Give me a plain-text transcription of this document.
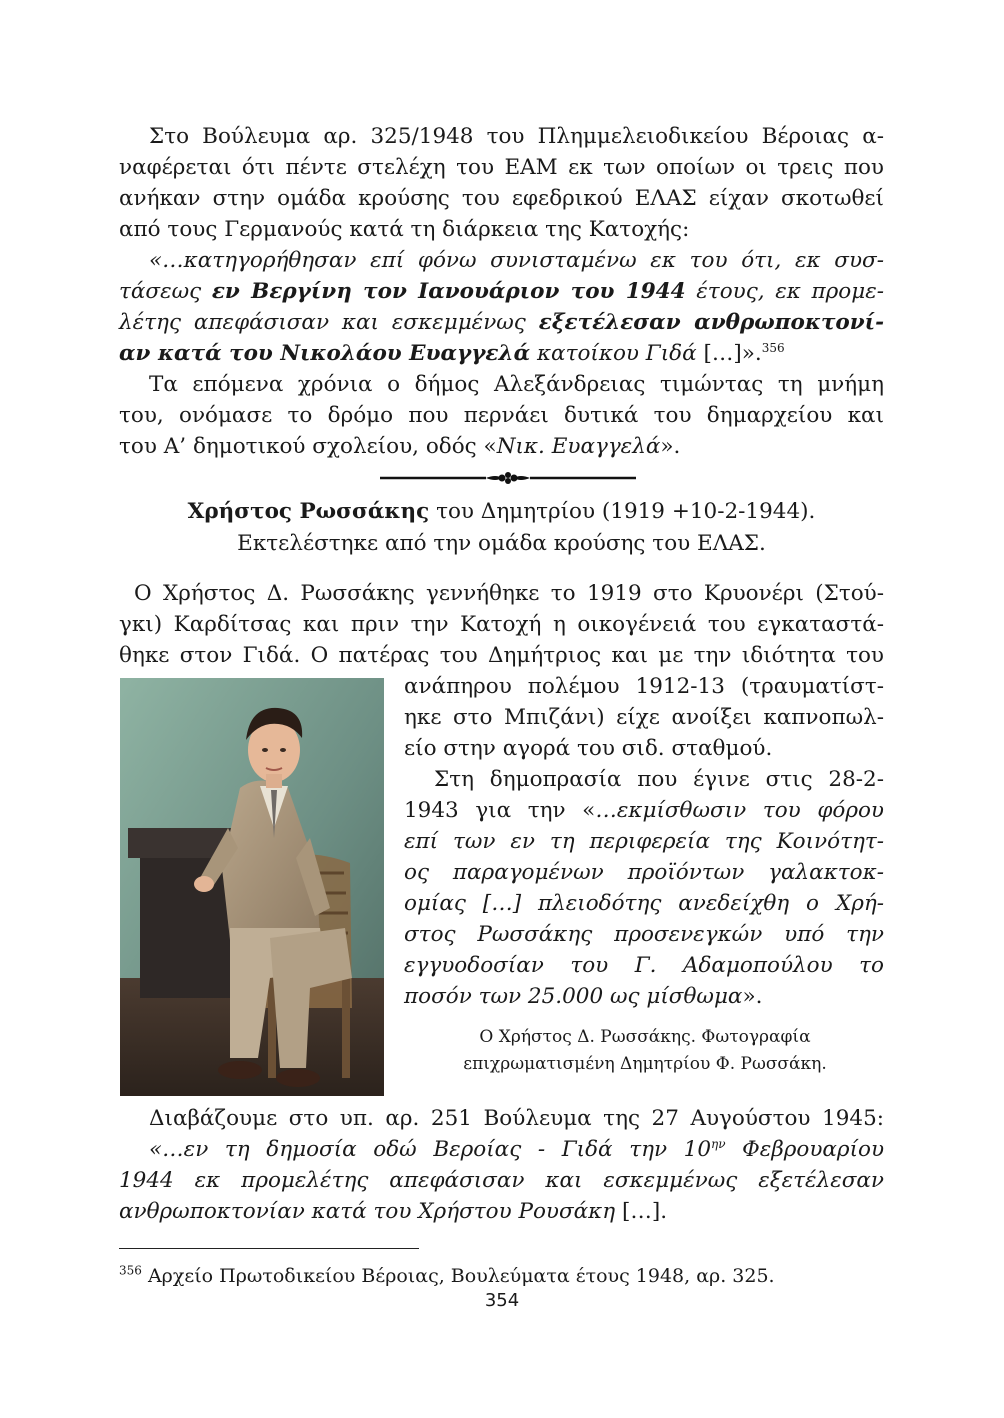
Στο Βούλευμα αρ. 325/1948 του Πλημμελειοδικείου Βέροιας α-

ναφέρεται ότι πέντε στελέχη του ΕΑΜ εκ των οποίων οι τρεις που

ανήκαν στην ομάδα κρούσης του εφεδρικού ΕΛΑΣ είχαν σκοτωθεί

από τους Γερμανούς κατά τη διάρκεια της Κατοχής:

«…κατηγορήθησαν επί φόνω συνισταμένω εκ του ότι, εκ συσ-

τάσεως εν Βεργίνη τον Ιανουάριον του 1944 έτους, εκ προμε-

λέτης απεφάσισαν και εσκεμμένως εξετέλεσαν ανθρωποκτονί-

αν κατά του Νικολάου Ευαγγελά κατοίκου Γιδά […]».$^{356}$

Τα επόμενα χρόνια ο δήμος Αλεξάνδρειας τιμώντας τη μνήμη

του, ονόμασε το δρόμο που περνάει δυτικά του δημαρχείου και

του Α’ δημοτικού σχολείου, οδός «Νικ. Ευαγγελά».

Χρήστος Ρωσσάκης του Δημητρίου (1919 +10-2-1944).

Εκτελέστηκε από την ομάδα κρούσης του ΕΛΑΣ.

Ο Χρήστος Δ. Ρωσσάκης γεννήθηκε το 1919 στο Κρυονέρι (Στού-

γκι) Καρδίτσας και πριν την Κατοχή η οικογένειά του εγκαταστά-

θηκε στον Γιδά. Ο πατέρας του Δημήτριος και με την ιδιότητα του

ανάπηρου πολέμου 1912-13 (τραυματίστ-

ηκε στο Μπιζάνι) είχε ανοίξει καπνοπωλ-

είο στην αγορά του σιδ. σταθμού.

Στη δημοπρασία που έγινε στις 28-2-

1943 για την «…εκμίσθωσιν του φόρου

επί των εν τη περιφερεία της Κοινότητ-

ος παραγομένων προϊόντων γαλακτοκ-

ομίας […] πλειοδότης ανεδείχθη ο Χρή-

στος Ρωσσάκης προσενεγκών υπό την

εγγυοδοσίαν του Γ. Αδαμοπούλου το

ποσόν των 25.000 ως μίσθωμα».

Ο Χρήστος Δ. Ρωσσάκης. Φωτογραφία
επιχρωματισμένη Δημητρίου Φ. Ρωσσάκη.

Διαβάζουμε στο υπ. αρ. 251 Βούλευμα της 27 Αυγούστου 1945:

«…εν τη δημοσία οδώ Βεροίας - Γιδά την $10^{\eta\nu}$ Φεβρουαρίου

1944 εκ προμελέτης απεφάσισαν και εσκεμμένως εξετέλεσαν

ανθρωποκτονίαν κατά του Χρήστου Ρουσάκη […].

$^{356}$ Αρχείο Πρωτοδικείου Βέροιας, Βουλεύματα έτους 1948, αρ. 325.

354
